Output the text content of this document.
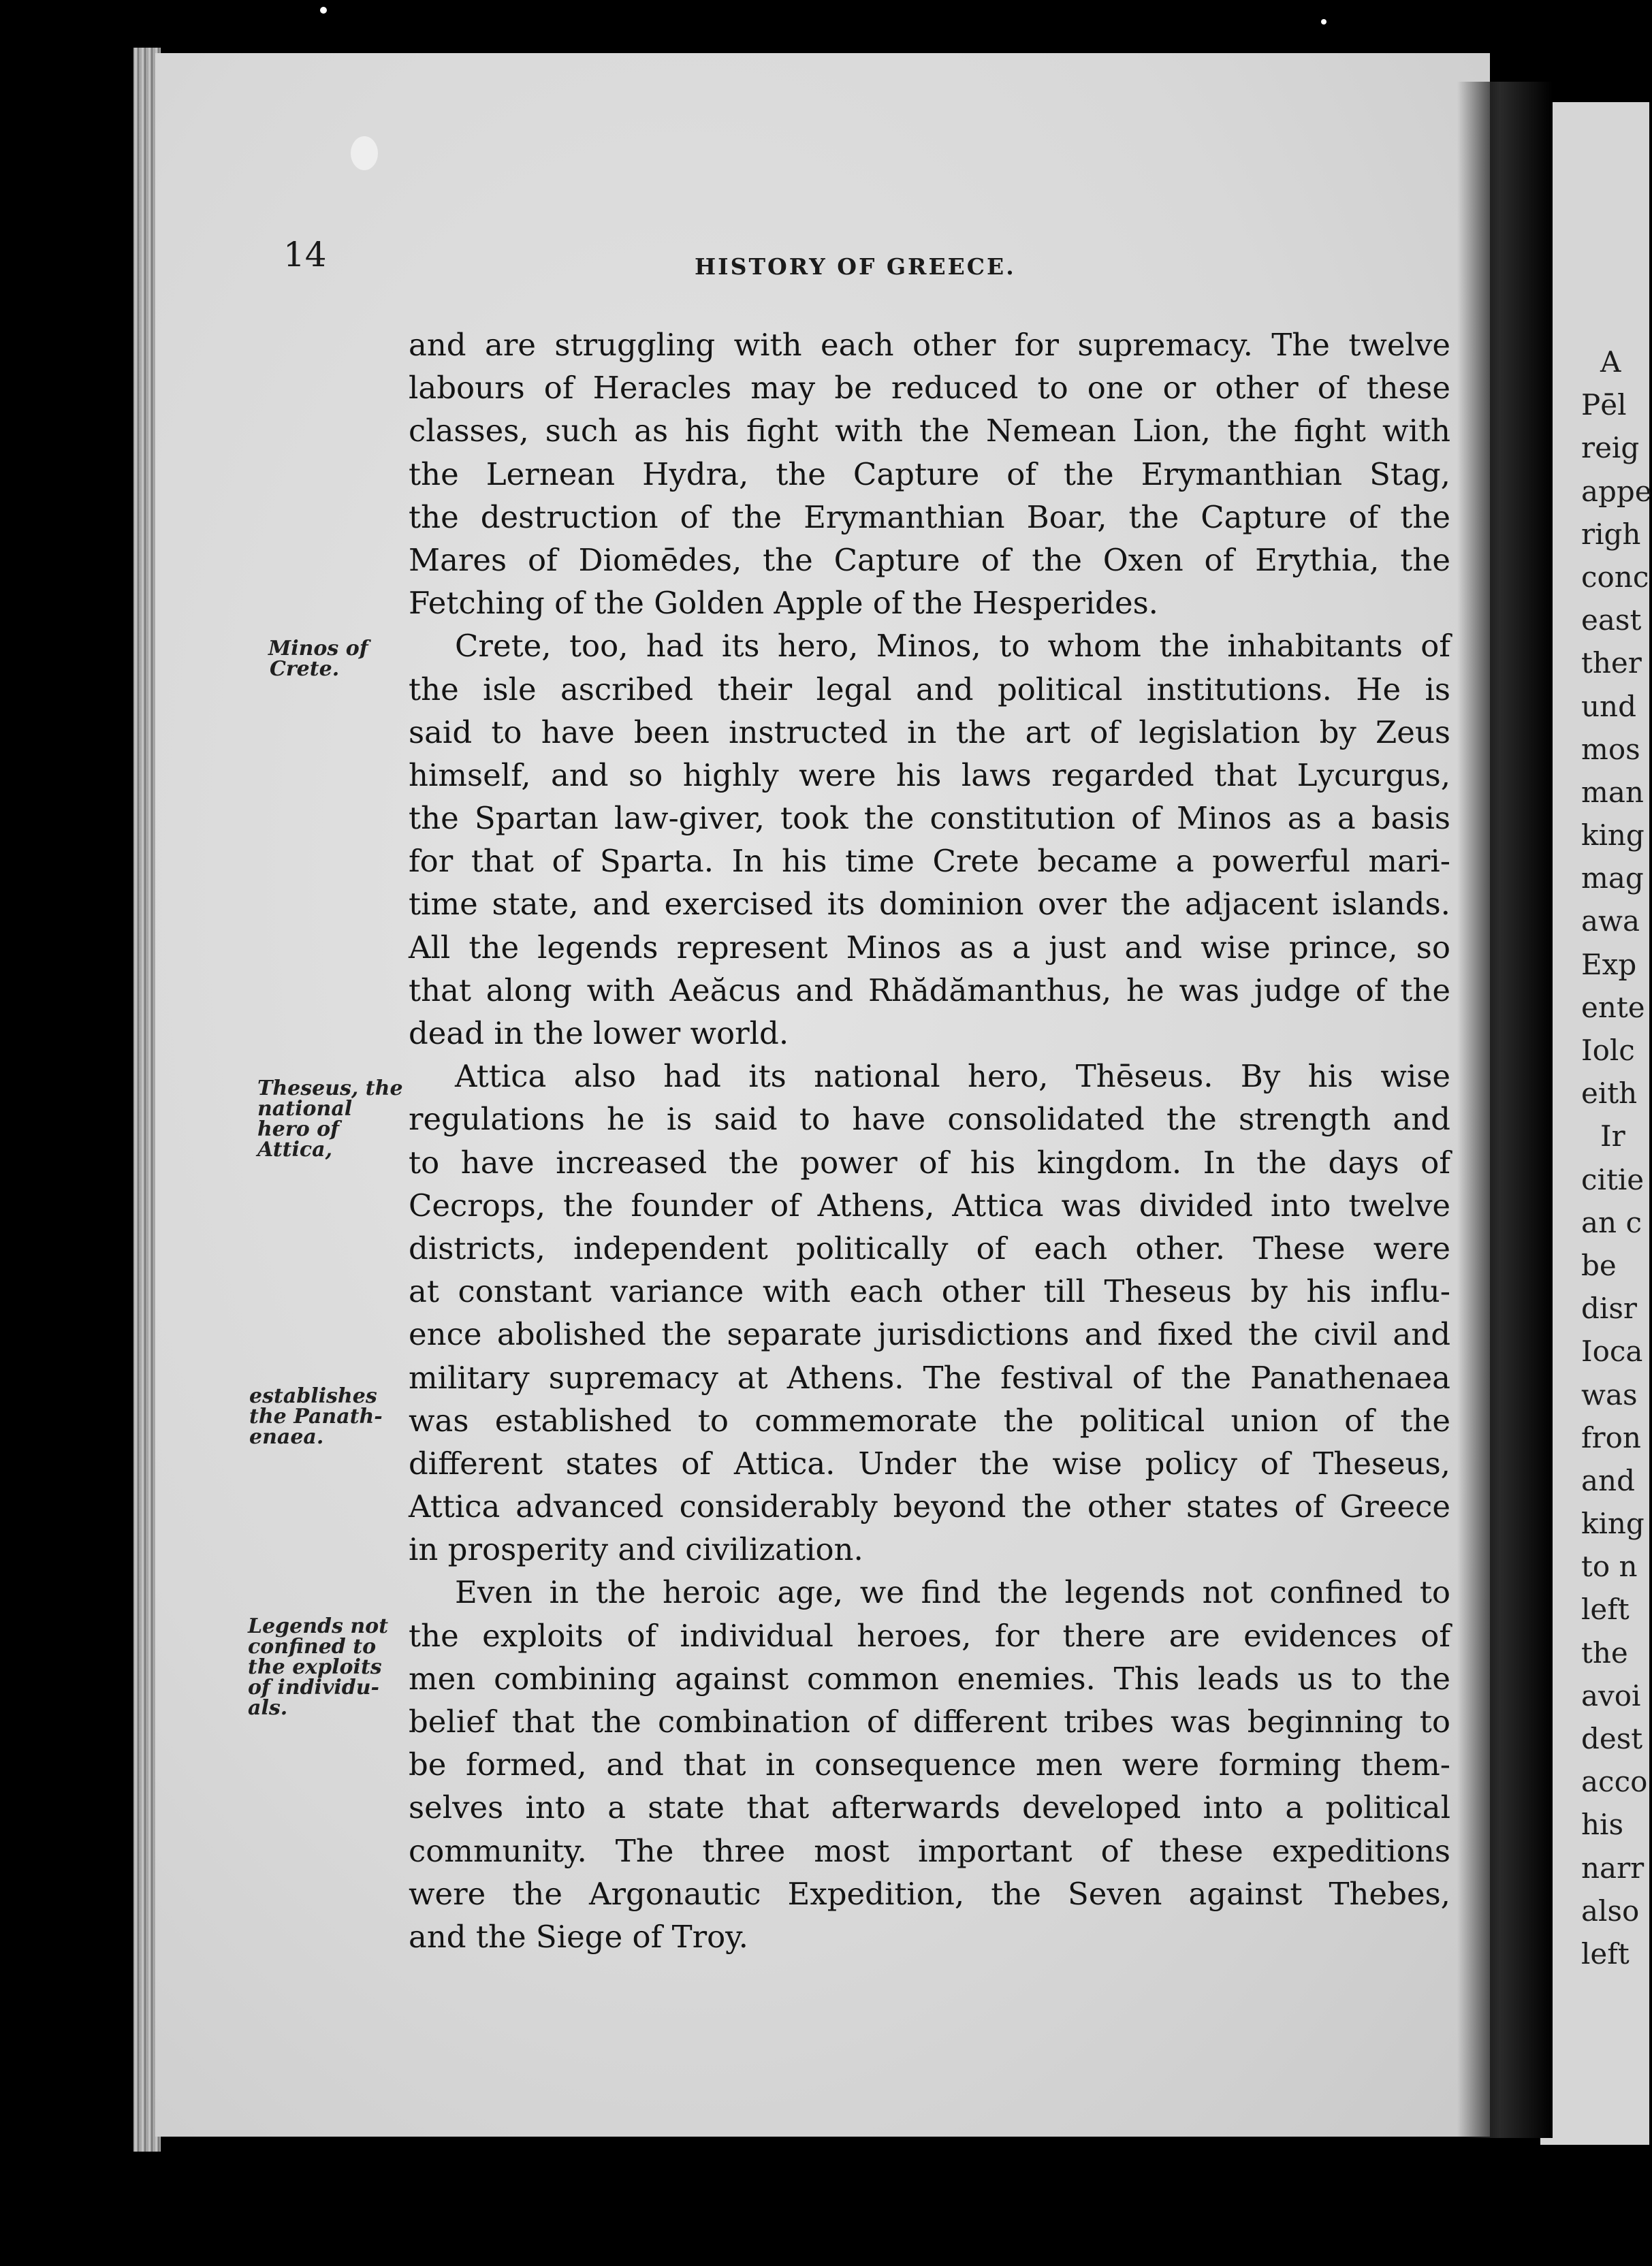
A
Pēl
reig
appe
righ
conc
east
ther
und
mos
man
king
mag
awa
Exp
ente
Iolc
eith
Ir
citie
an c
be
disr
Ioca
was
fron
and
king
to n
left
the
avoi
dest
acco
his
narr
also
left
14	HISTORY OF GREECE.
Minos of
Crete.
Theseus, the
national
hero of
Attica,
establishes
the Panath-
enaea.
Legends not
confined to
the exploits
of individu-
als.
and are struggling with each other for supremacy. The twelve
labours of Heracles may be reduced to one or other of these
classes, such as his fight with the Nemean Lion, the fight with
the Lernean Hydra, the Capture of the Erymanthian Stag,
the destruction of the Erymanthian Boar, the Capture of the
Mares of Diomēdes, the Capture of the Oxen of Erythia, the
Fetching of the Golden Apple of the Hesperides.
Crete, too, had its hero, Minos, to whom the inhabitants of
the isle ascribed their legal and political institutions. He is
said to have been instructed in the art of legislation by Zeus
himself, and so highly were his laws regarded that Lycurgus,
the Spartan law-giver, took the constitution of Minos as a basis
for that of Sparta. In his time Crete became a powerful mari-
time state, and exercised its dominion over the adjacent islands.
All the legends represent Minos as a just and wise prince, so
that along with Aeăcus and Rhădămanthus, he was judge of the
dead in the lower world.
Attica also had its national hero, Thēseus. By his wise
regulations he is said to have consolidated the strength and
to have increased the power of his kingdom. In the days of
Cecrops, the founder of Athens, Attica was divided into twelve
districts, independent politically of each other. These were
at constant variance with each other till Theseus by his influ-
ence abolished the separate jurisdictions and fixed the civil and
military supremacy at Athens. The festival of the Panathenaea
was established to commemorate the political union of the
different states of Attica. Under the wise policy of Theseus,
Attica advanced considerably beyond the other states of Greece
in prosperity and civilization.
Even in the heroic age, we find the legends not confined to
the exploits of individual heroes, for there are evidences of
men combining against common enemies. This leads us to the
belief that the combination of different tribes was beginning to
be formed, and that in consequence men were forming them-
selves into a state that afterwards developed into a political
community. The three most important of these expeditions
were the Argonautic Expedition, the Seven against Thebes,
and the Siege of Troy.
